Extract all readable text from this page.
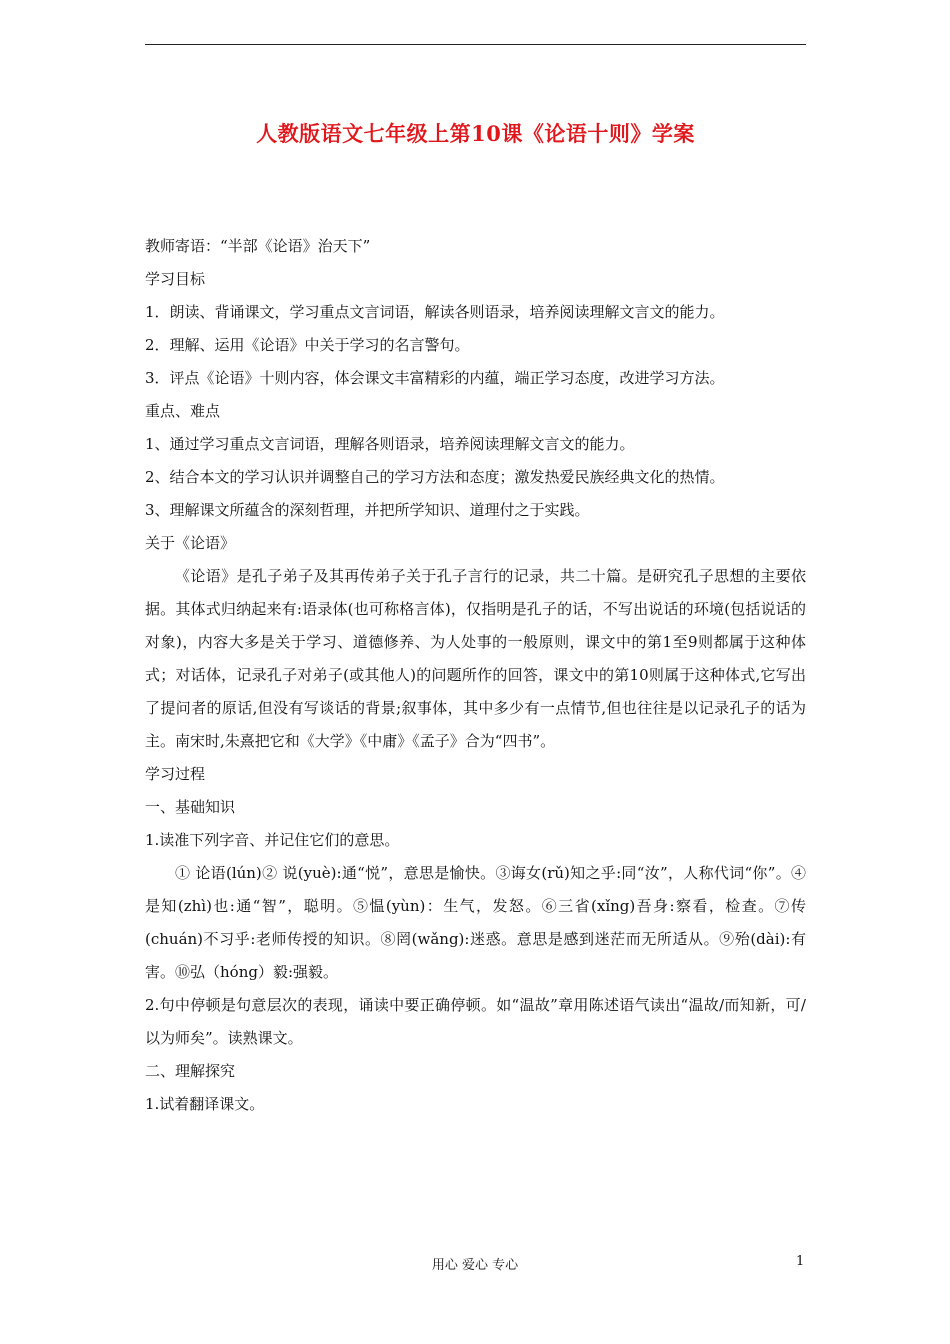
人教版语文七年级上第10课《论语十则》学案
教师寄语：“半部《论语》治天下”
学习目标
1．朗读、背诵课文，学习重点文言词语，解读各则语录，培养阅读理解文言文的能力。
2．理解、运用《论语》中关于学习的名言警句。
3．评点《论语》十则内容，体会课文丰富精彩的内蕴，端正学习态度，改进学习方法。
重点、难点
1、通过学习重点文言词语，理解各则语录，培养阅读理解文言文的能力。
2、结合本文的学习认识并调整自己的学习方法和态度；激发热爱民族经典文化的热情。
3、理解课文所蕴含的深刻哲理，并把所学知识、道理付之于实践。
关于《论语》
《论语》是孔子弟子及其再传弟子关于孔子言行的记录，共二十篇。是研究孔子思想的主要依据。其体式归纳起来有:语录体(也可称格言体)，仅指明是孔子的话，不写出说话的环境(包括说话的对象)，内容大多是关于学习、道德修养、为人处事的一般原则，课文中的第1至9则都属于这种体式；对话体，记录孔子对弟子(或其他人)的问题所作的回答，课文中的第10则属于这种体式,它写出了提问者的原话,但没有写谈话的背景;叙事体，其中多少有一点情节,但也往往是以记录孔子的话为主。南宋时,朱熹把它和《大学》《中庸》《孟子》合为“四书”。
学习过程
一、基础知识
1.读准下列字音、并记住它们的意思。
① 论语(lún)② 说(yuè):通“悦”，意思是愉快。③诲女(rǔ)知之乎:同“汝”，人称代词“你”。④是知(zhì)也:通“智”，聪明。⑤愠(yùn)：生气，发怒。⑥三省(xǐng)吾身:察看，检查。⑦传(chuán)不习乎:老师传授的知识。⑧罔(wǎng):迷惑。意思是感到迷茫而无所适从。⑨殆(dài):有害。⑩弘（hóng）毅:强毅。
2.句中停顿是句意层次的表现，诵读中要正确停顿。如“温故”章用陈述语气读出“温故/而知新，可/以为师矣”。读熟课文。
二、理解探究
1.试着翻译课文。
用心 爱心 专心	1
